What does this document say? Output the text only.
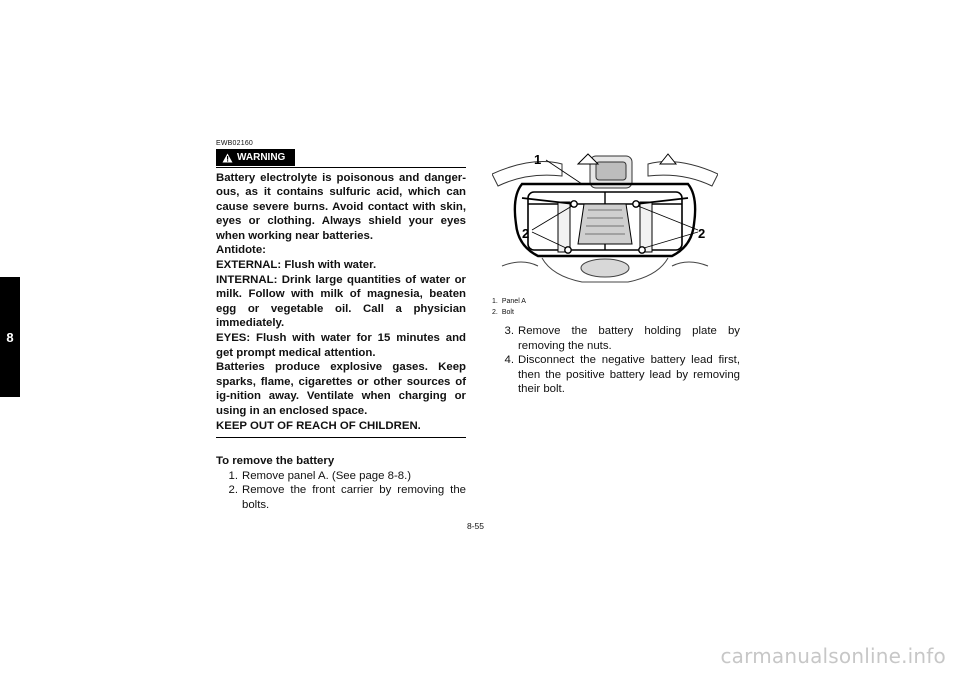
8
EWB02160
WARNING

Battery electrolyte is poisonous and danger-ous, as it contains sulfuric acid, which can cause severe burns. Avoid contact with skin, eyes or clothing. Always shield your eyes when working near batteries.

Antidote:

EXTERNAL: Flush with water.

INTERNAL: Drink large quantities of water or milk. Follow with milk of magnesia, beaten egg or vegetable oil. Call a physician immediately.

EYES: Flush with water for 15 minutes and get prompt medical attention.

Batteries produce explosive gases. Keep sparks, flame, cigarettes or other sources of ig-nition away. Ventilate when charging or using in an enclosed space.

KEEP OUT OF REACH OF CHILDREN.

To remove the battery
1. Remove panel A. (See page 8-8.)
2. Remove the front carrier by removing the bolts.
1
2	2
1. Panel A
2. Bolt
3. Remove the battery holding plate by removing the nuts.
4. Disconnect the negative battery lead first, then the positive battery lead by removing their bolt.
8-55
carmanualsonline.info
